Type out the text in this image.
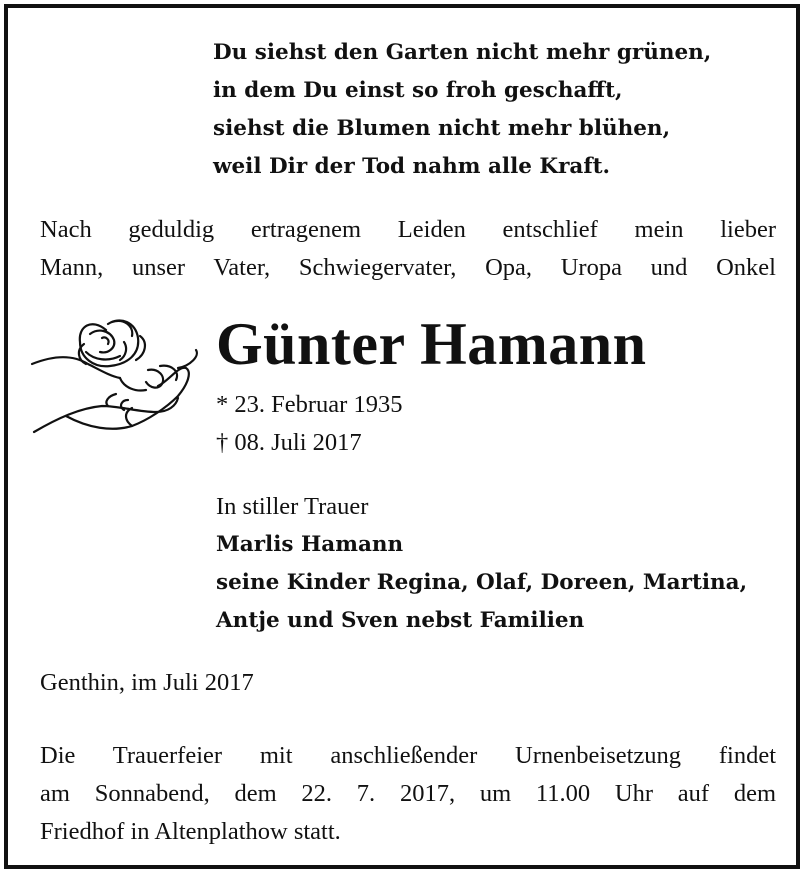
Du siehst den Garten nicht mehr grünen,
in dem Du einst so froh geschafft,
siehst die Blumen nicht mehr blühen,
weil Dir der Tod nahm alle Kraft.
Nach geduldig ertragenem Leiden entschlief mein lieber
Mann, unser Vater, Schwiegervater, Opa, Uropa und Onkel
Günter Hamann
* 23. Februar 1935
† 08. Juli 2017
In stiller Trauer
Marlis Hamann
seine Kinder Regina, Olaf, Doreen, Martina,
Antje und Sven nebst Familien
Genthin, im Juli 2017
Die Trauerfeier mit anschließender Urnenbeisetzung findet
am Sonnabend, dem 22. 7. 2017, um 11.00 Uhr auf dem
Friedhof in Altenplathow statt.
